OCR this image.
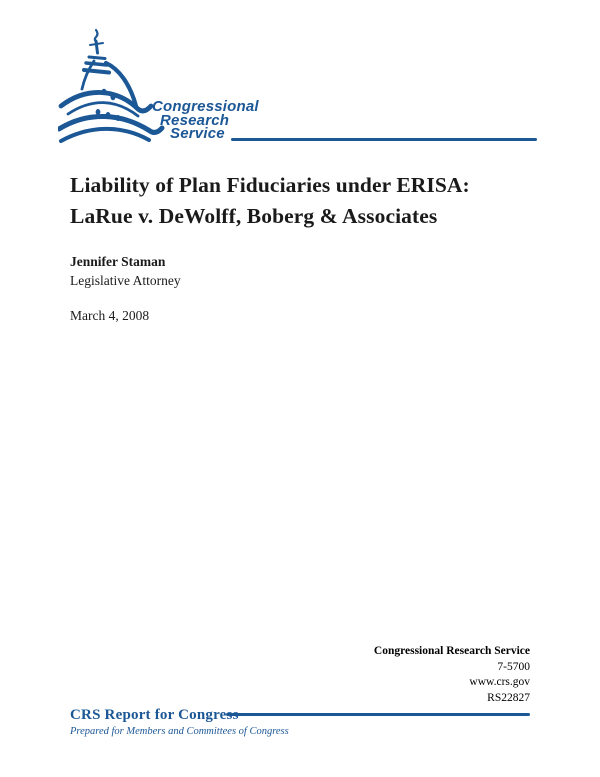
Congressional
Research
Service
Liability of Plan Fiduciaries under ERISA:
LaRue v. DeWolff, Boberg & Associates
Jennifer Staman
Legislative Attorney
March 4, 2008
Congressional Research Service
7-5700
www.crs.gov
RS22827
CRS Report for Congress
Prepared for Members and Committees of Congress
